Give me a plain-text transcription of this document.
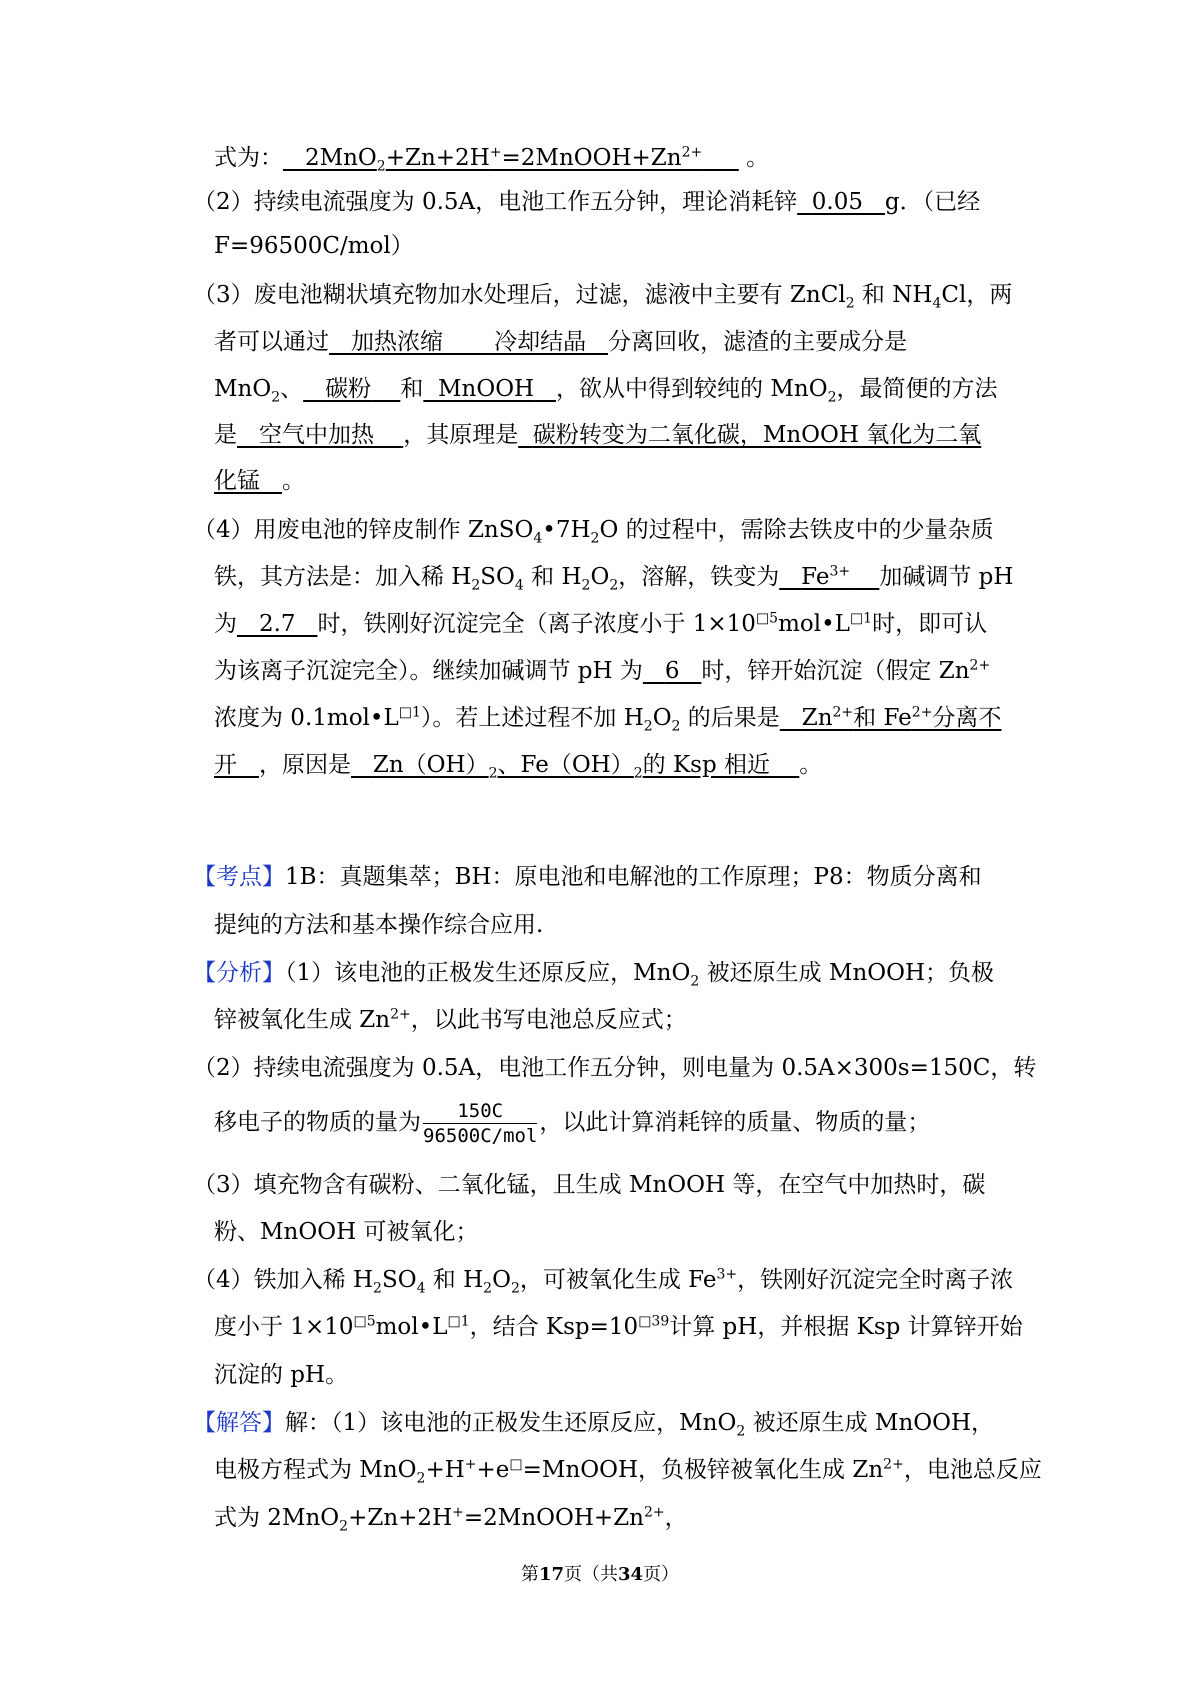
式为： $2MnO_2+Zn+2H^+=2MnOOH+Zn^{2+}$ 。
（2）持续电流强度为 0.5A，电池工作五分钟，理论消耗锌 0.05 g．（已经
F=96500C/mol）
（3）废电池糊状填充物加水处理后，过滤，滤液中主要有 ZnCl$_2$ 和 $NH_4Cl$，两
者可以通过 加热浓缩 冷却结晶 分离回收，滤渣的主要成分是
MnO$_2$、 碳粉 和 MnOOH ，欲从中得到较纯的 MnO$_2$，最简便的方法
是 空气中加热 ，其原理是 碳粉转变为二氧化碳，MnOOH 氧化为二氧
化锰 。
（4）用废电池的锌皮制作 $ZnSO_4•7H_2O$ 的过程中，需除去铁皮中的少量杂质
铁，其方法是：加入稀 $H_2SO_4$ 和 $H_2O_2$，溶解，铁变为 $Fe^{3+}$ 加碱调节 pH
为 2.7 时，铁刚好沉淀完全（离子浓度小于 $1\times 10^{□5}mol•L^{□1}$时，即可认
为该离子沉淀完全）。继续加碱调节 pH 为 6 时，锌开始沉淀（假定 $Zn^{2+}$
浓度为 $0.1mol•L^{□1}$）。若上述过程不加 $H_2O_2$ 的后果是 $Zn^{2+}$和 $Fe^{2+}$分离不
开 ，原因是 $Zn(OH)_2$、$Fe(OH)_2$的 Ksp 相近 。
【考点】1B：真题集萃；BH：原电池和电解池的工作原理；P8：物质分离和
提纯的方法和基本操作综合应用.
【分析】（1）该电池的正极发生还原反应，MnO$_2$ 被还原生成 MnOOH；负极
锌被氧化生成 $Zn^{2+}$，以此书写电池总反应式；
（2）持续电流强度为 0.5A，电池工作五分钟，则电量为 0.5A×300s=150C，转
移电子的物质的量为 $\frac{150C}{\text{96500C/mol}}$ ，以此计算消耗锌的质量、物质的量；
（3）填充物含有碳粉、二氧化锰，且生成 MnOOH 等，在空气中加热时，碳
粉、MnOOH 可被氧化；
（4）铁加入稀 $H_2SO_4$ 和 $H_2O_2$，可被氧化生成 $Fe^{3+}$，铁刚好沉淀完全时离子浓
度小于 $1\times 10^{□5}mol•L^{□1}$，结合 $Ksp=10^{□39}$计算 pH，并根据 Ksp 计算锌开始
沉淀的 pH。
【解答】解：（1）该电池的正极发生还原反应，MnO$_2$ 被还原生成 MnOOH，
电极方程式为 MnO$_2$+H++e□=MnOOH，负极锌被氧化生成 $Zn^{2+}$，电池总反应
式为 $2MnO_2+Zn+2H^+=2MnOOH+Zn^{2+}$，
第17页（共34页）
